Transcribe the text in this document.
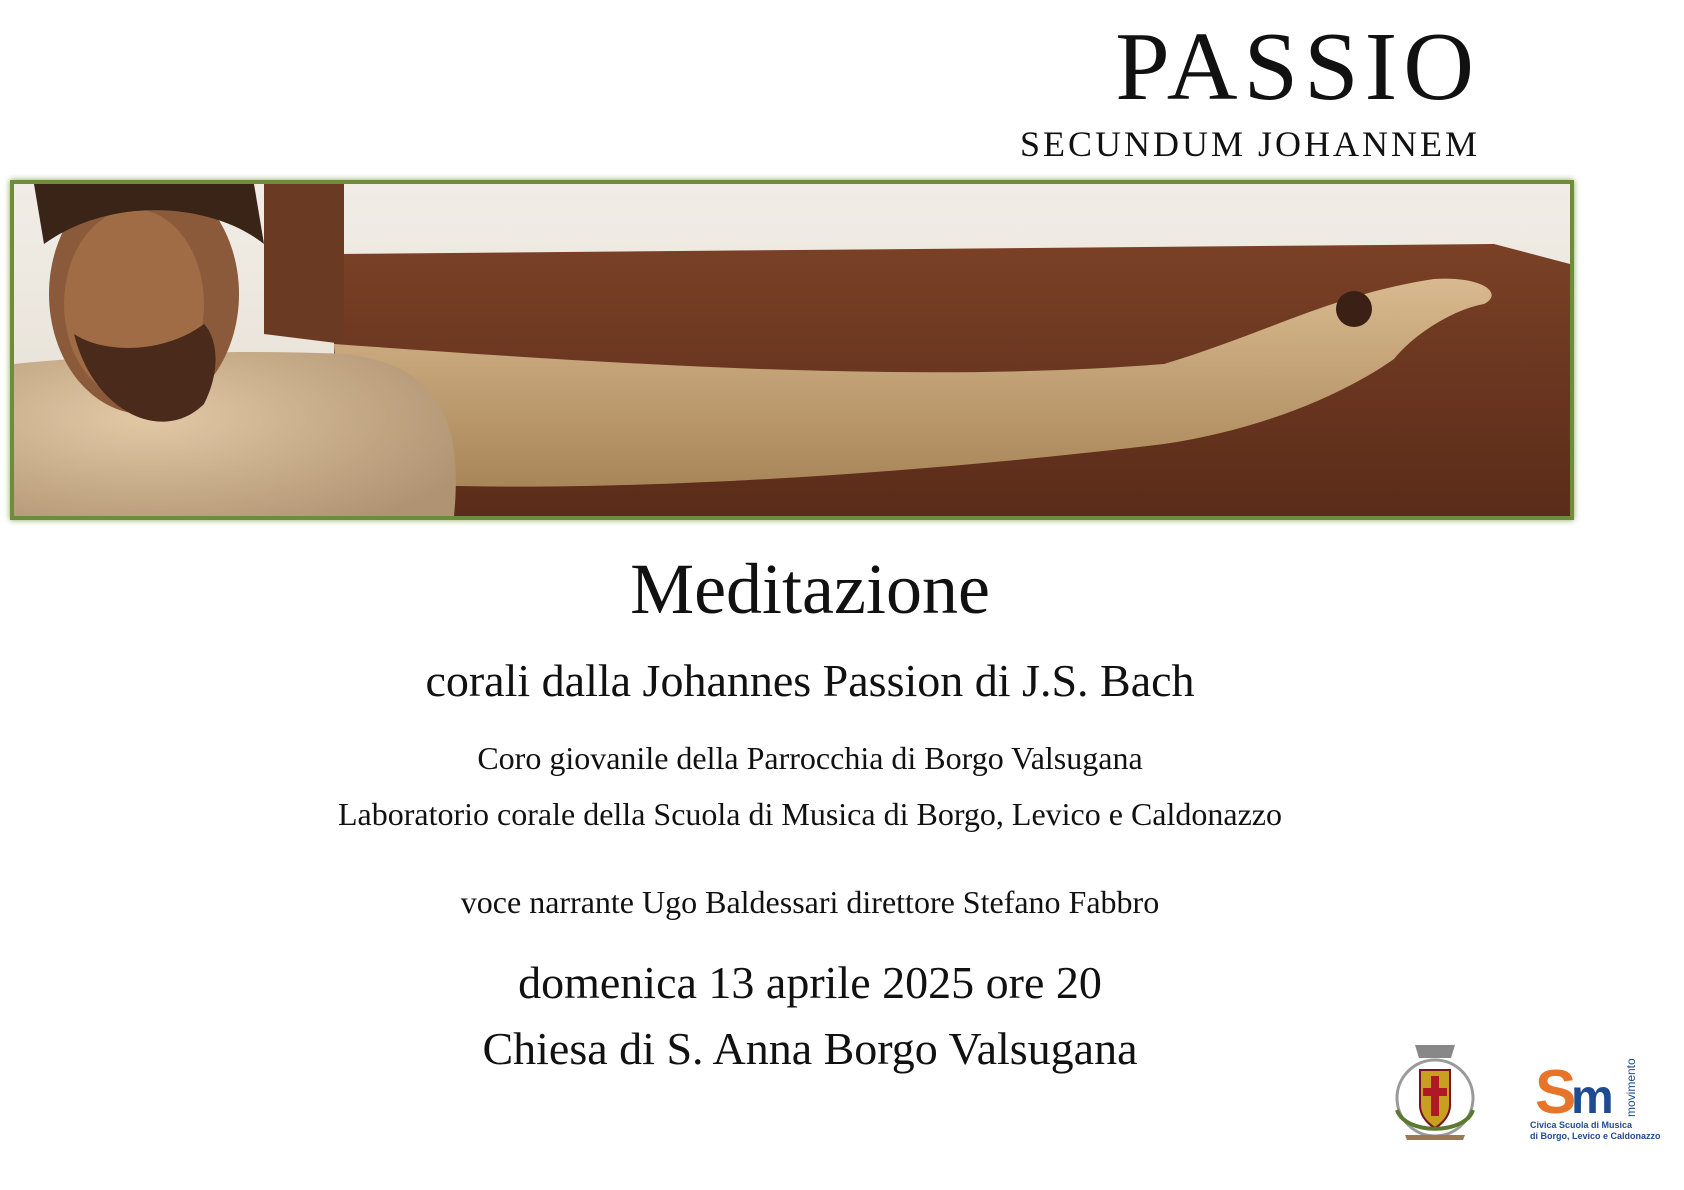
PASSIO
SECUNDUM JOHANNEM
Meditazione
corali dalla Johannes Passion di J.S. Bach
Coro giovanile della Parrocchia di Borgo Valsugana
Laboratorio corale della Scuola di Musica di Borgo, Levico e Caldonazzo
voce narrante Ugo Baldessari direttore Stefano Fabbro
domenica 13 aprile 2025 ore 20
Chiesa di S. Anna Borgo Valsugana
S
m movimento
Civica Scuola di Musica
di Borgo, Levico e Caldonazzo
